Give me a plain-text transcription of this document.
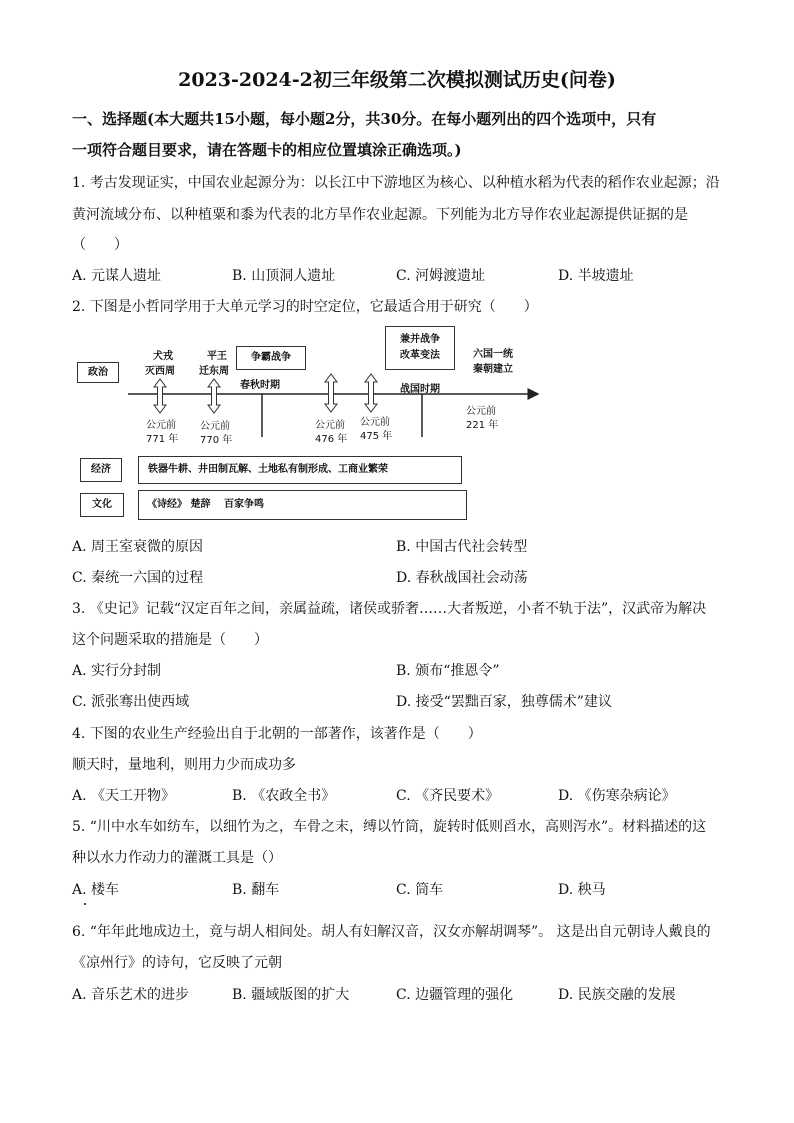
2023-2024-2初三年级第二次模拟测试历史(问卷)
一、选择题(本大题共15小题，每小题2分，共30分。在每小题列出的四个选项中，只有
一项符合题目要求，请在答题卡的相应位置填涂正确选项。)
1. 考古发现证实，中国农业起源分为：以长江中下游地区为核心、以种植水稻为代表的稻作农业起源；沿
黄河流域分布、以种植粟和黍为代表的北方旱作农业起源。下列能为北方导作农业起源提供证据的是
（　　）
A. 元谋人遗址	B. 山顶洞人遗址	C. 河姆渡遗址	D. 半坡遗址
2. 下图是小哲同学用于大单元学习的时空定位，它最适合用于研究（　　）
政治
犬戎
灭西周
平王
迁东周
争霸战争
春秋时期
兼并战争
改革变法
战国时期
六国一统
秦朝建立
公元前
771 年
公元前
770 年
公元前
476 年
公元前
475 年
公元前
221 年
经济	铁器牛耕、井田制瓦解、土地私有制形成、工商业繁荣
文化	《诗经》 楚辞　 百家争鸣
A. 周王室衰微的原因	B. 中国古代社会转型
C. 秦统一六国的过程	D. 春秋战国社会动荡
3. 《史记》记载“汉定百年之间，亲属益疏，诸侯或骄奢……大者叛逆，小者不轨于法”，汉武帝为解决
这个问题采取的措施是（　　）
A. 实行分封制	B. 颁布“推恩令”
C. 派张骞出使西域	D. 接受“罢黜百家，独尊儒术”建议
4. 下图的农业生产经验出自于北朝的一部著作，该著作是（　　）
顺天时，量地利，则用力少而成功多
A. 《天工开物》	B. 《农政全书》	C. 《齐民要术》	D. 《伤寒杂病论》
5. “川中水车如纺车，以细竹为之，车骨之末，缚以竹筒，旋转时低则舀水，高则泻水”。材料描述的这
种以水力作动力的灌溉工具是（）
A. 楼车	B. 翻车	C. 筒车	D. 秧马
6. “年年此地成边土，竟与胡人相间处。胡人有妇解汉音，汉女亦解胡调琴”。 这是出自元朝诗人戴良的
《凉州行》的诗句，它反映了元朝
A. 音乐艺术的进步	B. 疆域版图的扩大	C. 边疆管理的强化	D. 民族交融的发展
